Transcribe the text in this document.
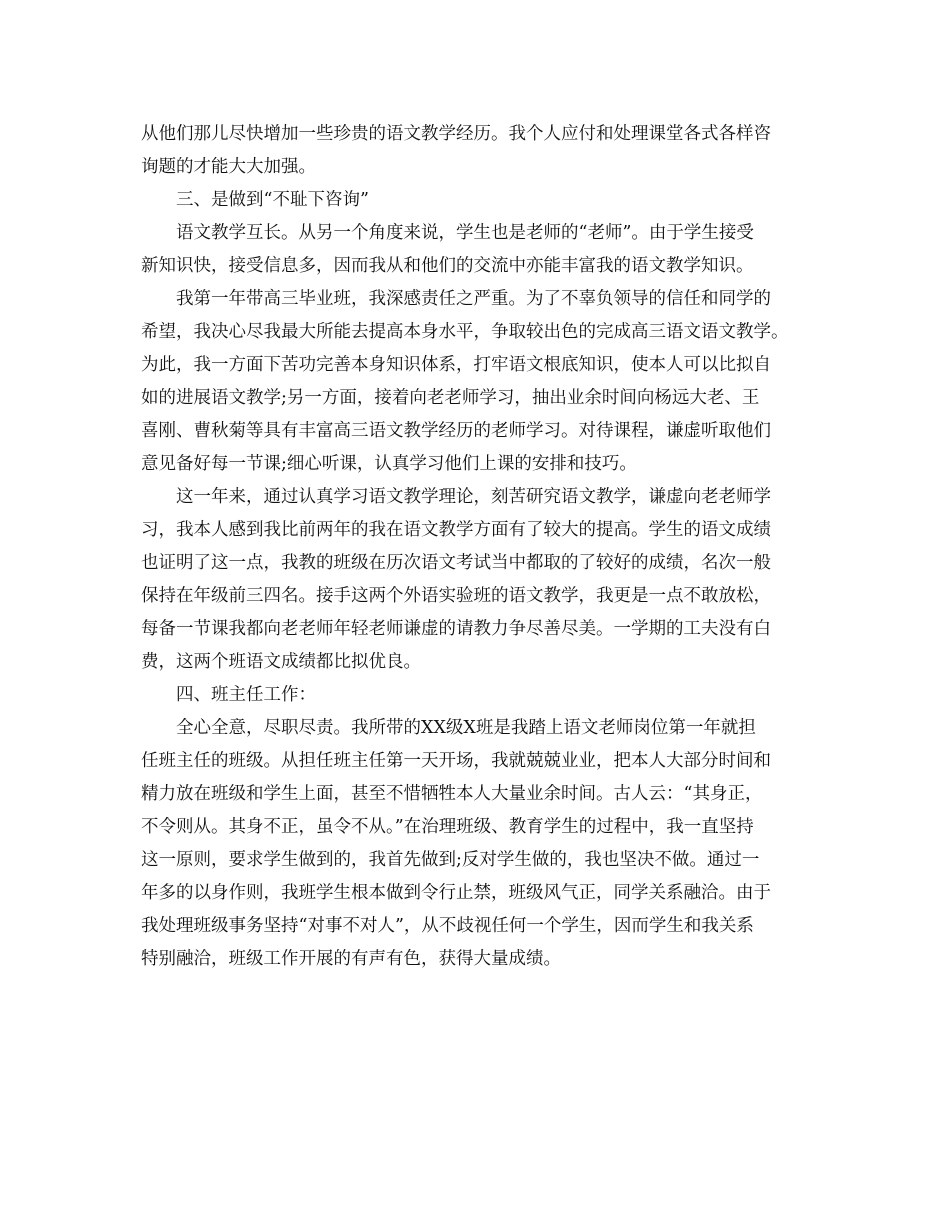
从他们那儿尽快增加一些珍贵的语文教学经历。我个人应付和处理课堂各式各样咨
询题的才能大大加强。
三、是做到“不耻下咨询”
语文教学互长。从另一个角度来说，学生也是老师的“老师”。由于学生接受
新知识快，接受信息多，因而我从和他们的交流中亦能丰富我的语文教学知识。
我第一年带高三毕业班，我深感责任之严重。为了不辜负领导的信任和同学的
希望，我决心尽我最大所能去提高本身水平，争取较出色的完成高三语文语文教学。
为此，我一方面下苦功完善本身知识体系，打牢语文根底知识，使本人可以比拟自
如的进展语文教学;另一方面，接着向老老师学习，抽出业余时间向杨远大老、王
喜刚、曹秋菊等具有丰富高三语文教学经历的老师学习。对待课程，谦虚听取他们
意见备好每一节课;细心听课，认真学习他们上课的安排和技巧。
这一年来，通过认真学习语文教学理论，刻苦研究语文教学，谦虚向老老师学
习，我本人感到我比前两年的我在语文教学方面有了较大的提高。学生的语文成绩
也证明了这一点，我教的班级在历次语文考试当中都取的了较好的成绩，名次一般
保持在年级前三四名。接手这两个外语实验班的语文教学，我更是一点不敢放松，
每备一节课我都向老老师年轻老师谦虚的请教力争尽善尽美。一学期的工夫没有白
费，这两个班语文成绩都比拟优良。
四、班主任工作：
全心全意，尽职尽责。我所带的XX级X班是我踏上语文老师岗位第一年就担
任班主任的班级。从担任班主任第一天开场，我就兢兢业业，把本人大部分时间和
精力放在班级和学生上面，甚至不惜牺牲本人大量业余时间。古人云：“其身正，
不令则从。其身不正，虽令不从。”在治理班级、教育学生的过程中，我一直坚持
这一原则，要求学生做到的，我首先做到;反对学生做的，我也坚决不做。通过一
年多的以身作则，我班学生根本做到令行止禁，班级风气正，同学关系融洽。由于
我处理班级事务坚持“对事不对人”，从不歧视任何一个学生，因而学生和我关系
特别融洽，班级工作开展的有声有色，获得大量成绩。
